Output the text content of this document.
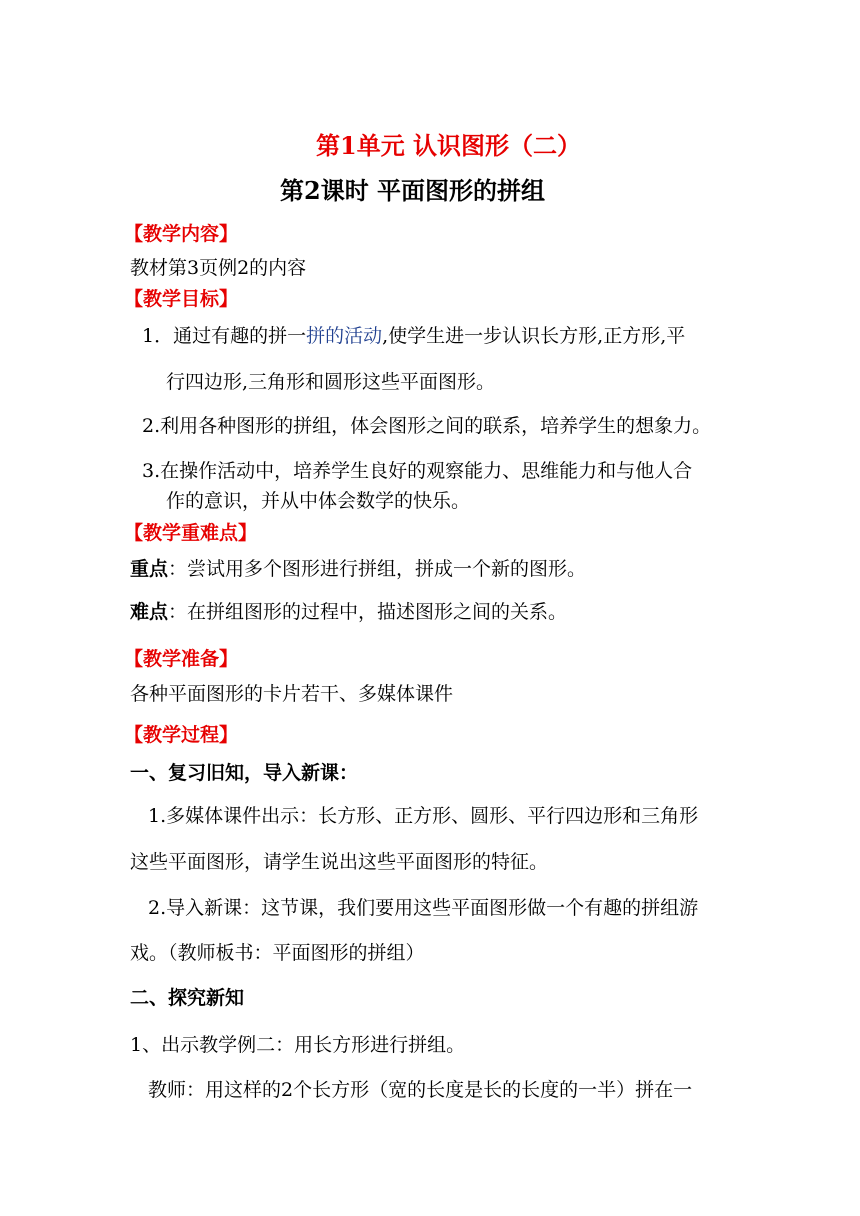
第1单元 认识图形（二）
第2课时 平面图形的拼组
【教学内容】
教材第3页例2的内容
【教学目标】
1．通过有趣的拼一拼的活动,使学生进一步认识长方形,正方形,平
行四边形,三角形和圆形这些平面图形。
2.利用各种图形的拼组，体会图形之间的联系，培养学生的想象力。
3.在操作活动中，培养学生良好的观察能力、思维能力和与他人合
作的意识，并从中体会数学的快乐。
【教学重难点】
重点：尝试用多个图形进行拼组，拼成一个新的图形。
难点：在拼组图形的过程中，描述图形之间的关系。
【教学准备】
各种平面图形的卡片若干、多媒体课件
【教学过程】
一、复习旧知，导入新课：
1.多媒体课件出示：长方形、正方形、圆形、平行四边形和三角形
这些平面图形，请学生说出这些平面图形的特征。
2.导入新课：这节课，我们要用这些平面图形做一个有趣的拼组游
戏。（教师板书：平面图形的拼组）
二、探究新知
1、出示教学例二：用长方形进行拼组。
教师：用这样的2个长方形（宽的长度是长的长度的一半）拼在一
